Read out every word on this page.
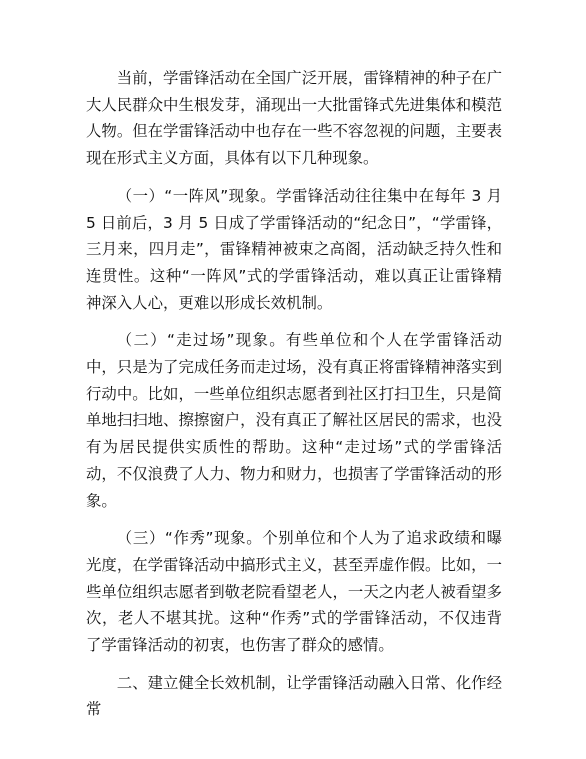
当前，学雷锋活动在全国广泛开展，雷锋精神的种子在广大人民群众中生根发芽，涌现出一大批雷锋式先进集体和模范人物。但在学雷锋活动中也存在一些不容忽视的问题，主要表现在形式主义方面，具体有以下几种现象。

（一）“一阵风”现象。学雷锋活动往往集中在每年 3 月 5 日前后，3 月 5 日成了学雷锋活动的“纪念日”，“学雷锋，三月来，四月走”，雷锋精神被束之高阁，活动缺乏持久性和连贯性。这种“一阵风”式的学雷锋活动，难以真正让雷锋精神深入人心，更难以形成长效机制。

（二）“走过场”现象。有些单位和个人在学雷锋活动中，只是为了完成任务而走过场，没有真正将雷锋精神落实到行动中。比如，一些单位组织志愿者到社区打扫卫生，只是简单地扫扫地、擦擦窗户，没有真正了解社区居民的需求，也没有为居民提供实质性的帮助。这种“走过场”式的学雷锋活动，不仅浪费了人力、物力和财力，也损害了学雷锋活动的形象。

（三）“作秀”现象。个别单位和个人为了追求政绩和曝光度，在学雷锋活动中搞形式主义，甚至弄虚作假。比如，一些单位组织志愿者到敬老院看望老人，一天之内老人被看望多次，老人不堪其扰。这种“作秀”式的学雷锋活动，不仅违背了学雷锋活动的初衷，也伤害了群众的感情。

二、建立健全长效机制，让学雷锋活动融入日常、化作经常
